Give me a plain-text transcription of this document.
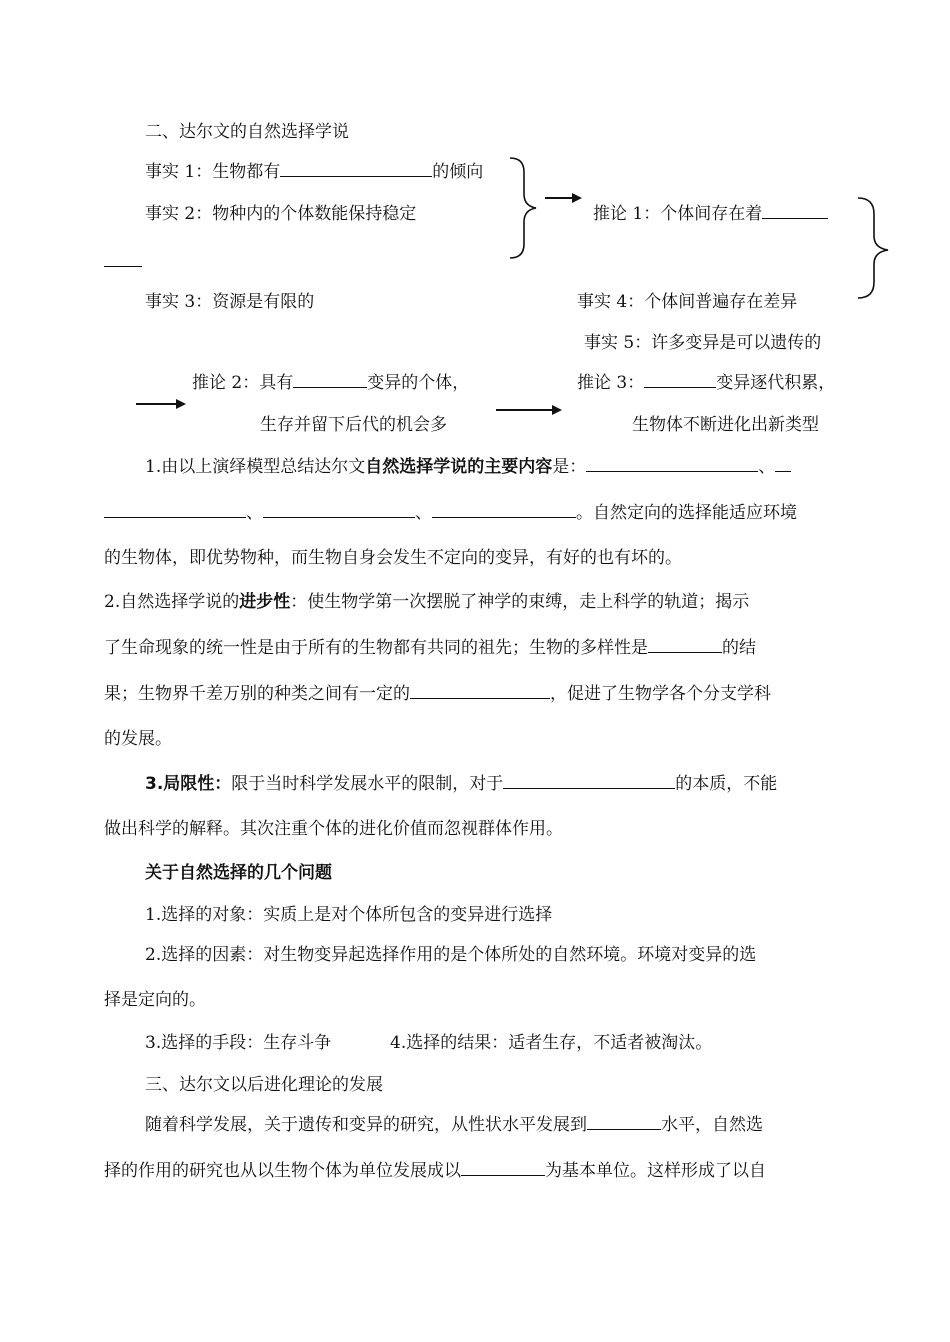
二、达尔文的自然选择学说
事实 1：生物都有	的倾向
事实 2：物种内的个体数能保持稳定	推论 1：个体间存在着
事实 3：资源是有限的	事实 4：个体间普遍存在差异
事实 5：许多变异是可以遗传的
推论 2：具有	变异的个体，	推论 3：	变异逐代积累，
生存并留下后代的机会多	生物体不断进化出新类型
1.由以上演绎模型总结达尔文自然选择学说的主要内容是：	、
、	、	。自然定向的选择能适应环境
的生物体，即优势物种，而生物自身会发生不定向的变异，有好的也有坏的。
2.自然选择学说的进步性：使生物学第一次摆脱了神学的束缚，走上科学的轨道；揭示
了生命现象的统一性是由于所有的生物都有共同的祖先；生物的多样性是	的结
果；生物界千差万别的种类之间有一定的	，促进了生物学各个分支学科
的发展。
3.局限性：限于当时科学发展水平的限制，对于	的本质，不能
做出科学的解释。其次注重个体的进化价值而忽视群体作用。
关于自然选择的几个问题
1.选择的对象：实质上是对个体所包含的变异进行选择
2.选择的因素：对生物变异起选择作用的是个体所处的自然环境。环境对变异的选
择是定向的。
3.选择的手段：生存斗争	4.选择的结果：适者生存，不适者被淘汰。
三、达尔文以后进化理论的发展
随着科学发展，关于遗传和变异的研究，从性状水平发展到	水平，自然选
择的作用的研究也从以生物个体为单位发展成以	为基本单位。这样形成了以自
